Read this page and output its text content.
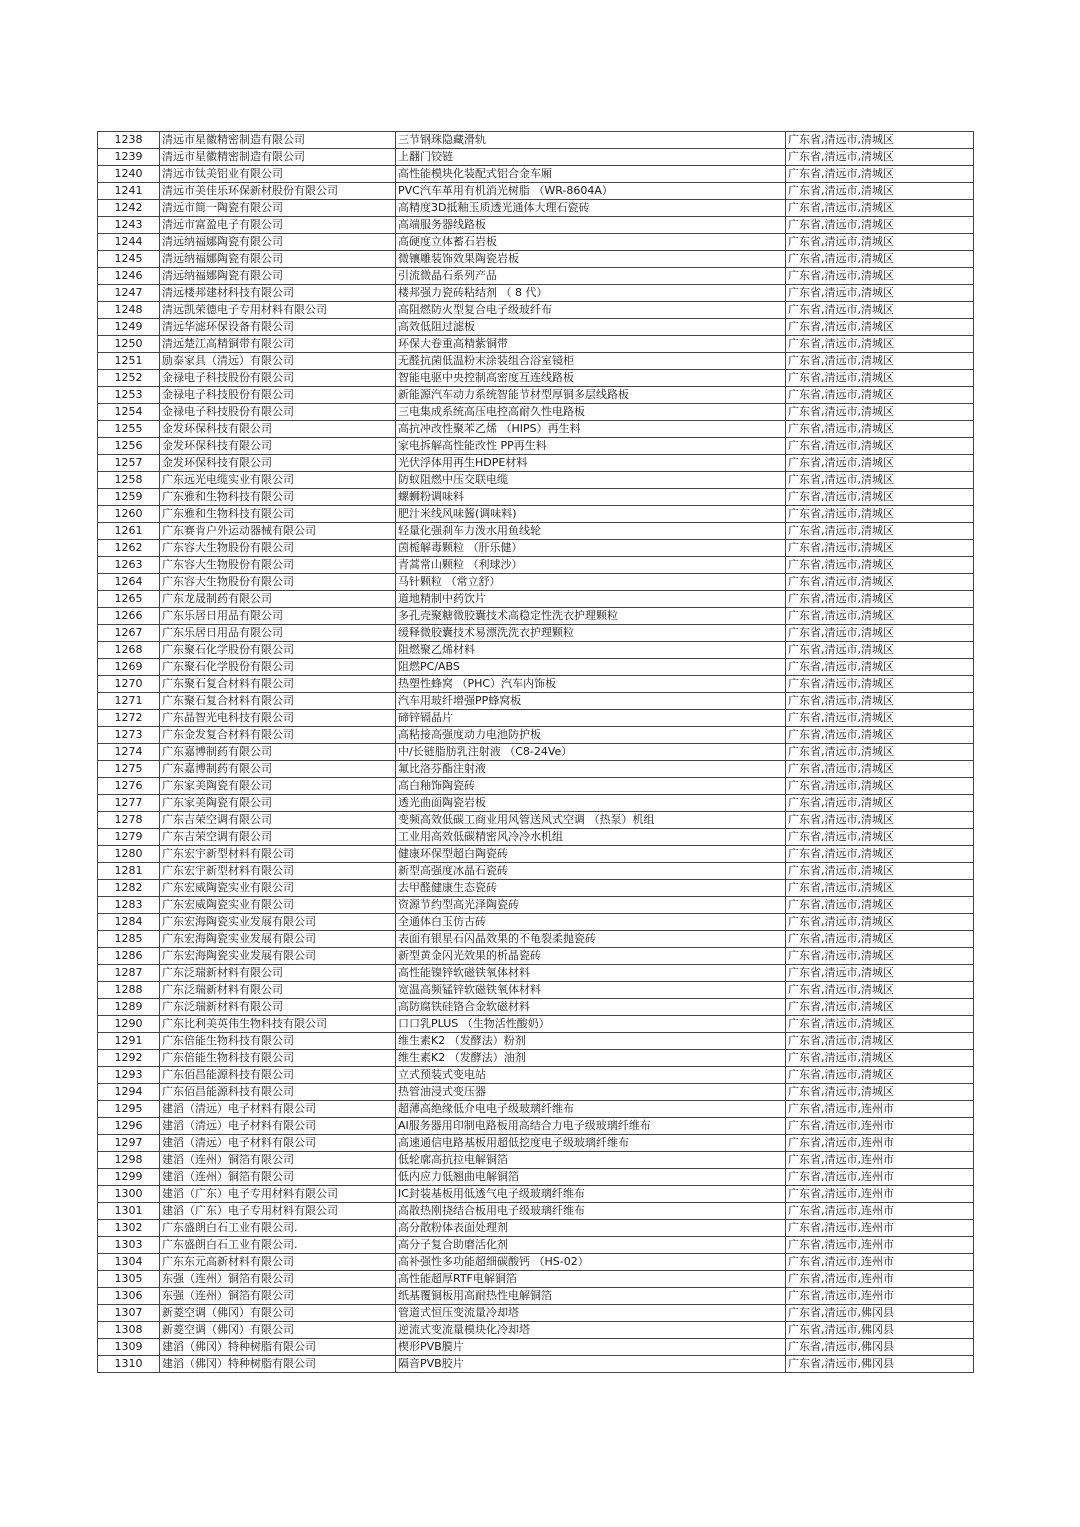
1238	清远市星徽精密制造有限公司	三节钢珠隐藏滑轨	广东省,清远市,清城区
1239	清远市星徽精密制造有限公司	上翻门铰链	广东省,清远市,清城区
1240	清远市钛美铝业有限公司	高性能模块化装配式铝合金车厢	广东省,清远市,清城区
1241	清远市美佳乐环保新材股份有限公司	PVC汽车革用有机消光树脂 （WR-8604A）	广东省,清远市,清城区
1242	清远市简一陶瓷有限公司	高精度3D抵釉玉质透光通体大理石瓷砖	广东省,清远市,清城区
1243	清远市富盈电子有限公司	高端服务器线路板	广东省,清远市,清城区
1244	清远纳福娜陶瓷有限公司	高硬度立体蓄石岩板	广东省,清远市,清城区
1245	清远纳福娜陶瓷有限公司	微镶雕装饰效果陶瓷岩板	广东省,清远市,清城区
1246	清远纳福娜陶瓷有限公司	引流微晶石系列产品	广东省,清远市,清城区
1247	清远楼邦建材科技有限公司	楼邦强力瓷砖粘结剂 （ 8 代）	广东省,清远市,清城区
1248	清远凯荣德电子专用材料有限公司	高阻燃防火型复合电子级玻纤布	广东省,清远市,清城区
1249	清远华滤环保设备有限公司	高效低阻过滤板	广东省,清远市,清城区
1250	清远楚江高精铜带有限公司	环保大卷重高精紫铜带	广东省,清远市,清城区
1251	励泰家具（清远）有限公司	无醛抗菌低温粉末涂装组合浴室镜柜	广东省,清远市,清城区
1252	金禄电子科技股份有限公司	智能电驱中央控制高密度互连线路板	广东省,清远市,清城区
1253	金禄电子科技股份有限公司	新能源汽车动力系统智能节材型厚铜多层线路板	广东省,清远市,清城区
1254	金禄电子科技股份有限公司	三电集成系统高压电控高耐久性电路板	广东省,清远市,清城区
1255	金发环保科技有限公司	高抗冲改性聚苯乙烯 （HIPS）再生料	广东省,清远市,清城区
1256	金发环保科技有限公司	家电拆解高性能改性 PP再生料	广东省,清远市,清城区
1257	金发环保科技有限公司	光伏浮体用再生HDPE材料	广东省,清远市,清城区
1258	广东远光电缆实业有限公司	防蚁阻燃中压交联电缆	广东省,清远市,清城区
1259	广东雅和生物科技有限公司	螺蛳粉调味料	广东省,清远市,清城区
1260	广东雅和生物科技有限公司	肥汁米线风味酱(调味料)	广东省,清远市,清城区
1261	广东赛肯户外运动器械有限公司	轻量化强刹车力泼水用鱼线轮	广东省,清远市,清城区
1262	广东容大生物股份有限公司	茵栀解毒颗粒 （肝乐健）	广东省,清远市,清城区
1263	广东容大生物股份有限公司	青蒿常山颗粒 （利球沙）	广东省,清远市,清城区
1264	广东容大生物股份有限公司	马针颗粒 （常立舒）	广东省,清远市,清城区
1265	广东龙晟制药有限公司	道地精制中药饮片	广东省,清远市,清城区
1266	广东乐居日用品有限公司	多孔壳聚糖微胶囊技术高稳定性洗衣护理颗粒	广东省,清远市,清城区
1267	广东乐居日用品有限公司	缓释微胶囊技术易漂洗洗衣护理颗粒	广东省,清远市,清城区
1268	广东聚石化学股份有限公司	阻燃聚乙烯材料	广东省,清远市,清城区
1269	广东聚石化学股份有限公司	阻燃PC/ABS	广东省,清远市,清城区
1270	广东聚石复合材料有限公司	热塑性蜂窝 （PHC）汽车内饰板	广东省,清远市,清城区
1271	广东聚石复合材料有限公司	汽车用玻纤增强PP蜂窝板	广东省,清远市,清城区
1272	广东晶智光电科技有限公司	碲锌镉晶片	广东省,清远市,清城区
1273	广东金发复合材料有限公司	高粘接高强度动力电池防护板	广东省,清远市,清城区
1274	广东嘉博制药有限公司	中/长链脂肪乳注射液 （C8-24Ve）	广东省,清远市,清城区
1275	广东嘉博制药有限公司	氟比洛芬酯注射液	广东省,清远市,清城区
1276	广东家美陶瓷有限公司	高白釉饰陶瓷砖	广东省,清远市,清城区
1277	广东家美陶瓷有限公司	透光曲面陶瓷岩板	广东省,清远市,清城区
1278	广东吉荣空调有限公司	变频高效低碳工商业用风管送风式空调 （热泵）机组	广东省,清远市,清城区
1279	广东吉荣空调有限公司	工业用高效低碳精密风冷冷水机组	广东省,清远市,清城区
1280	广东宏宇新型材料有限公司	健康环保型超白陶瓷砖	广东省,清远市,清城区
1281	广东宏宇新型材料有限公司	新型高强度冰晶石瓷砖	广东省,清远市,清城区
1282	广东宏威陶瓷实业有限公司	去甲醛健康生态瓷砖	广东省,清远市,清城区
1283	广东宏威陶瓷实业有限公司	资源节约型高光泽陶瓷砖	广东省,清远市,清城区
1284	广东宏海陶瓷实业发展有限公司	全通体白玉仿古砖	广东省,清远市,清城区
1285	广东宏海陶瓷实业发展有限公司	表面有银星石闪晶效果的不龟裂柔抛瓷砖	广东省,清远市,清城区
1286	广东宏海陶瓷实业发展有限公司	新型黄金闪光效果的析晶瓷砖	广东省,清远市,清城区
1287	广东泛瑞新材料有限公司	高性能镍锌软磁铁氧体材料	广东省,清远市,清城区
1288	广东泛瑞新材料有限公司	宽温高频锰锌软磁铁氧体材料	广东省,清远市,清城区
1289	广东泛瑞新材料有限公司	高防腐铁硅铬合金软磁材料	广东省,清远市,清城区
1290	广东比利美英伟生物科技有限公司	口口乳PLUS （生物活性酸奶）	广东省,清远市,清城区
1291	广东倍能生物科技有限公司	维生素K2 （发酵法）粉剂	广东省,清远市,清城区
1292	广东倍能生物科技有限公司	维生素K2 （发酵法）油剂	广东省,清远市,清城区
1293	广东佰昌能源科技有限公司	立式预装式变电站	广东省,清远市,清城区
1294	广东佰昌能源科技有限公司	热管油浸式变压器	广东省,清远市,清城区
1295	建滔（清远）电子材料有限公司	超薄高绝缘低介电电子级玻璃纤维布	广东省,清远市,连州市
1296	建滔（清远）电子材料有限公司	AI服务器用印制电路板用高结合力电子级玻璃纤维布	广东省,清远市,连州市
1297	建滔（清远）电子材料有限公司	高速通信电路基板用超低挖度电子级玻璃纤维布	广东省,清远市,连州市
1298	建滔（连州）铜箔有限公司	低轮廓高抗拉电解铜箔	广东省,清远市,连州市
1299	建滔（连州）铜箔有限公司	低内应力低翘曲电解铜箔	广东省,清远市,连州市
1300	建滔（广东）电子专用材料有限公司	IC封装基板用低透气电子级玻璃纤维布	广东省,清远市,连州市
1301	建滔（广东）电子专用材料有限公司	高散热刚挠结合板用电子级玻璃纤维布	广东省,清远市,连州市
1302	广东盛朗白石工业有限公司.	高分散粉体表面处理剂	广东省,清远市,连州市
1303	广东盛朗白石工业有限公司.	高分子复合助磨活化剂	广东省,清远市,连州市
1304	广东东元高新材料有限公司	高补强性多功能超细碳酸钙 （HS-02）	广东省,清远市,连州市
1305	东强（连州）铜箔有限公司	高性能超厚RTF电解铜箔	广东省,清远市,连州市
1306	东强（连州）铜箔有限公司	纸基覆铜板用高耐热性电解铜箔	广东省,清远市,连州市
1307	新菱空调（佛冈）有限公司	管道式恒压变流量冷却塔	广东省,清远市,佛冈县
1308	新菱空调（佛冈）有限公司	逆流式变流量模块化冷却塔	广东省,清远市,佛冈县
1309	建滔（佛冈）特种树脂有限公司	楔形PVB膜片	广东省,清远市,佛冈县
1310	建滔（佛冈）特种树脂有限公司	隔音PVB胶片	广东省,清远市,佛冈县
